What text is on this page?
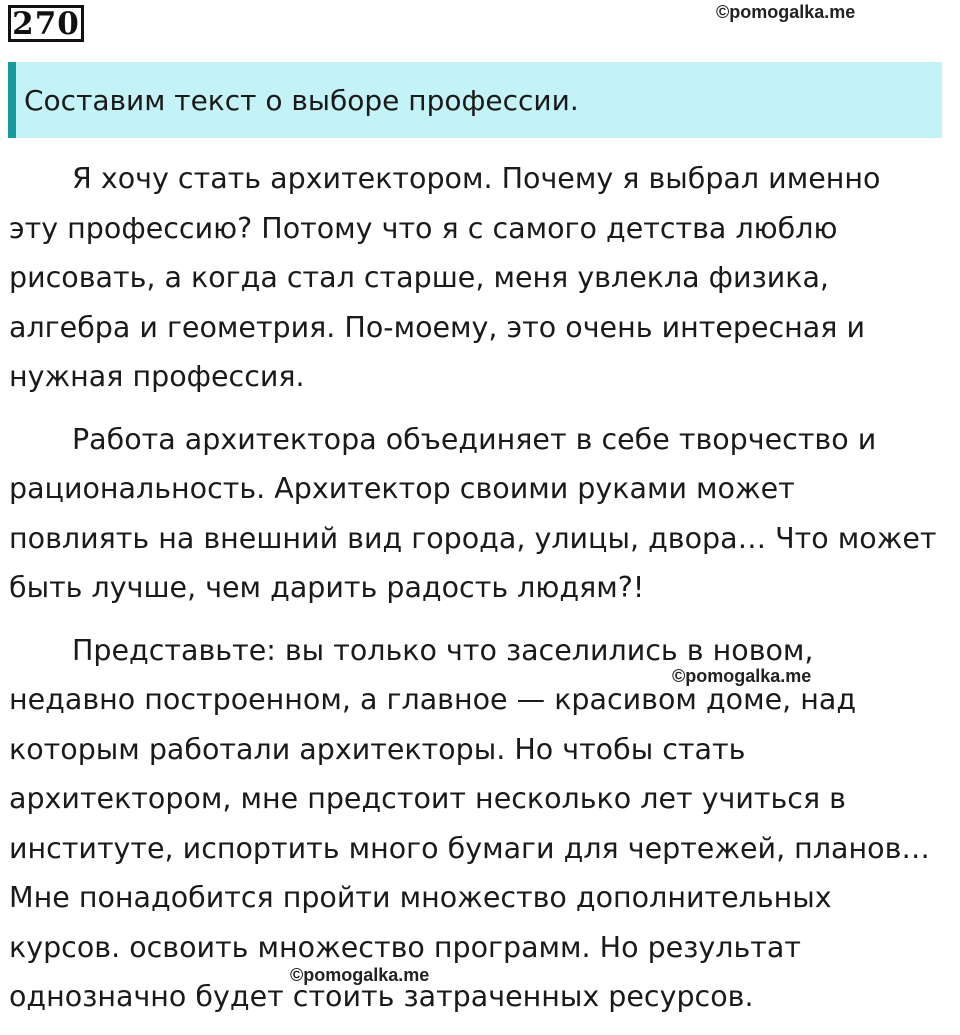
270	©pomogalka.me
Составим текст о выборе профессии.

Я хочу стать архитектором. Почему я выбрал именно
эту профессию? Потому что я с самого детства люблю
рисовать, а когда стал старше, меня увлекла физика,
алгебра и геометрия. По-моему, это очень интересная и
нужная профессия.

Работа архитектора объединяет в себе творчество и
рациональность. Архитектор своими руками может
повлиять на внешний вид города, улицы, двора… Что может
быть лучше, чем дарить радость людям?!

Представьте: вы только что заселились в новом,
недавно построенном, а главное — красивом доме, над
которым работали архитекторы. Но чтобы стать
архитектором, мне предстоит несколько лет учиться в
институте, испортить много бумаги для чертежей, планов…
Мне понадобится пройти множество дополнительных
курсов. освоить множество программ. Но результат
однозначно будет стоить затраченных ресурсов.

©pomogalka.me
©pomogalka.me
